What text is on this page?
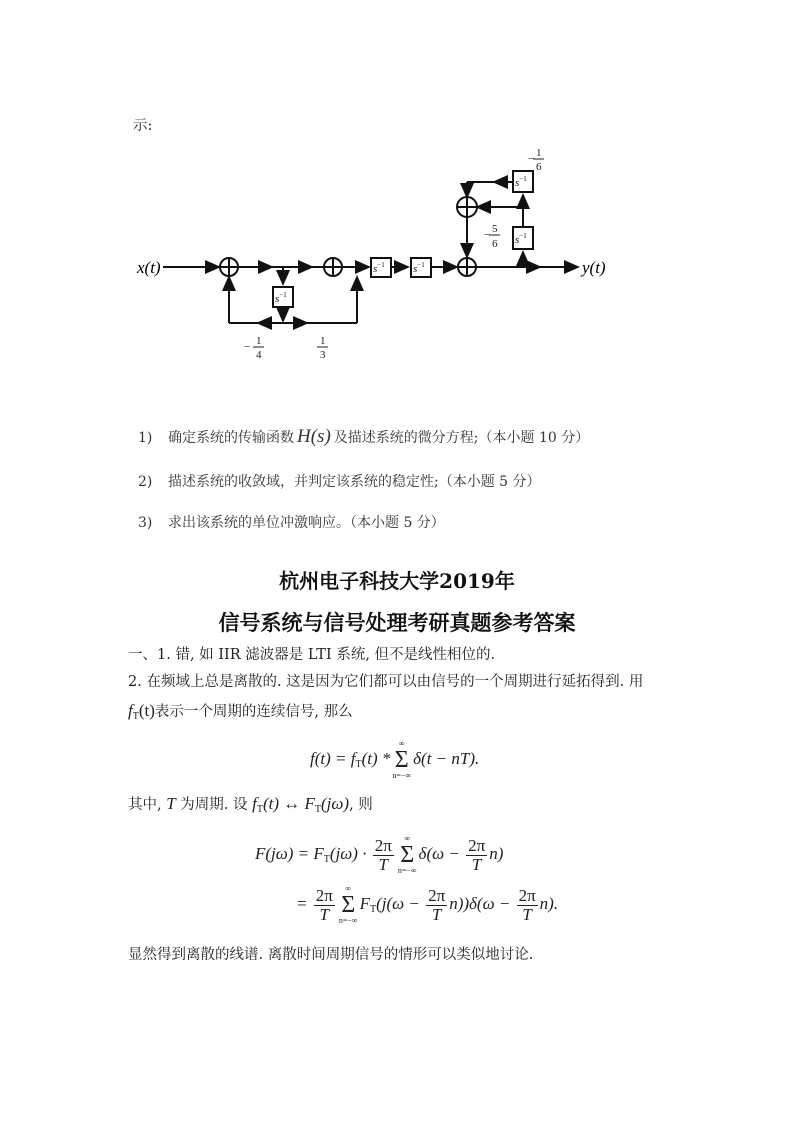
示:
$s^{-1}$
$s^{-1}$	$s^{-1}$
$s^{-1}$
$s^{-1}$
x(t)	y(t)
− 1
4
1
3
− 5
6
− 1
6
1) 确定系统的传输函数 H(s) 及描述系统的微分方程;（本小题 10 分）
2) 描述系统的收敛域，并判定该系统的稳定性;（本小题 5 分）
3) 求出该系统的单位冲激响应。（本小题 5 分）
杭州电子科技大学2019年
信号系统与信号处理考研真题参考答案
一、1. 错, 如 IIR 滤波器是 LTI 系统, 但不是线性相位的.
2. 在频域上总是离散的. 这是因为它们都可以由信号的一个周期进行延拓得到. 用
$f_T(t)$表示一个周期的连续信号, 那么
$f(t) = f_T(t)$ *
∞
Σ
n=−∞
δ(t − nT).
其中, T 为周期. 设 $f_T(t)$ ↔ $F_T(j\omega)$, 则
$F(j\omega) = F_T(j\omega) \cdot \frac{2\pi}{T}$ ∞
Σ
n=−∞
$\delta(\omega - \frac{2\pi}{T} n)$
= $\frac{2\pi}{T}$ ∞
Σ
n=−∞
$F_T(j(\omega - \frac{2\pi}{T} n))\delta(\omega - \frac{2\pi}{T} n)$.
显然得到离散的线谱. 离散时间周期信号的情形可以类似地讨论.
